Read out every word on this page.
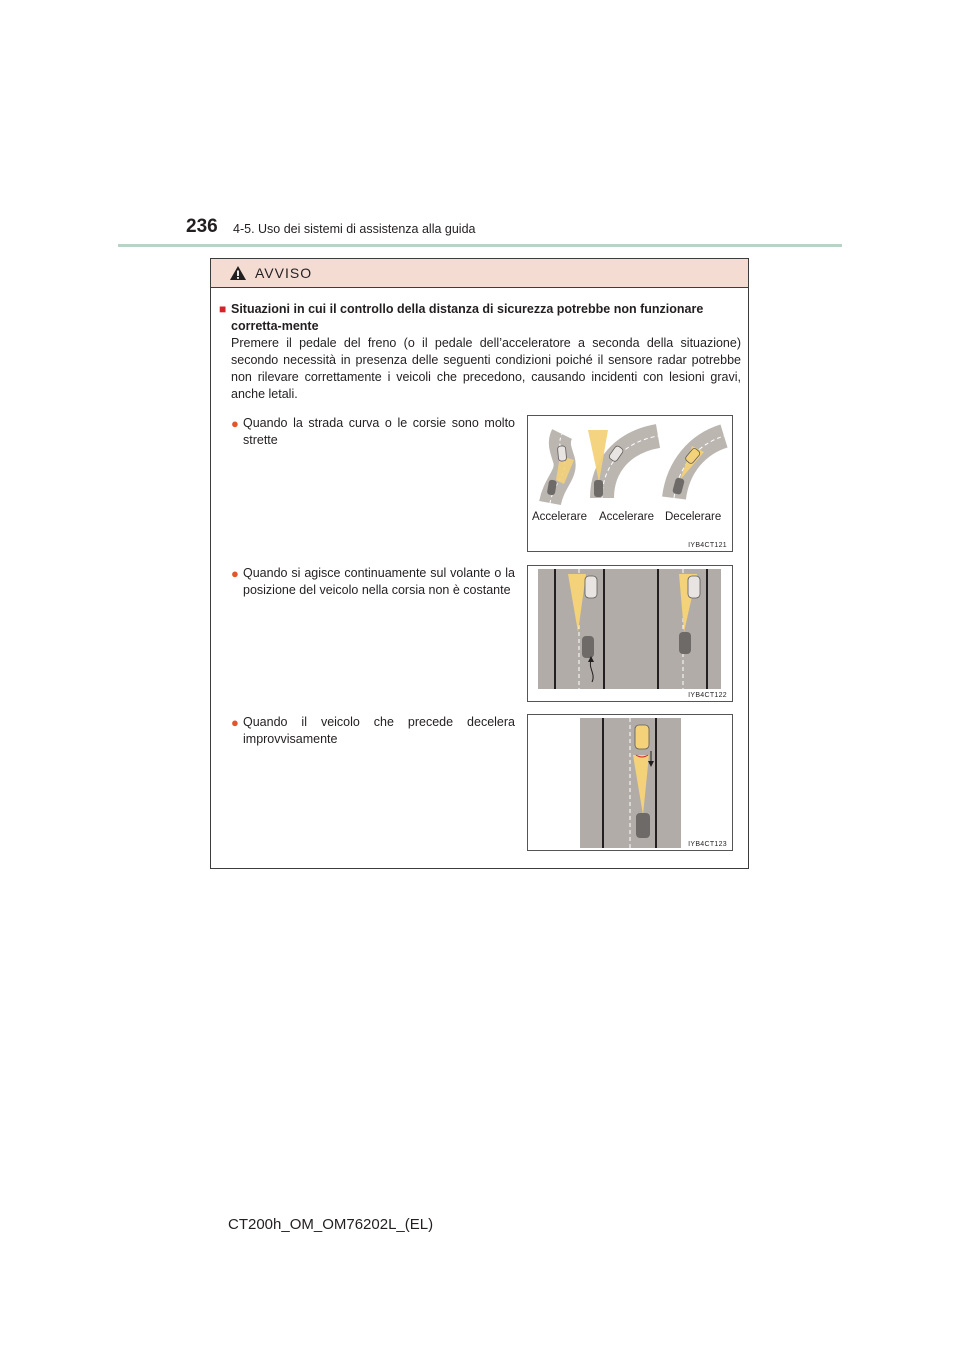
236 4-5. Uso dei sistemi di assistenza alla guida
AVVISO
■ Situazioni in cui il controllo della distanza di sicurezza potrebbe non funzionare corretta-mente
Premere il pedale del freno (o il pedale dell’acceleratore a seconda della situazione) secondo necessità in presenza delle seguenti condizioni poiché il sensore radar potrebbe non rilevare correttamente i veicoli che precedono, causando incidenti con lesioni gravi, anche letali.
● Quando la strada curva o le corsie sono molto strette
Accelerare Accelerare Decelerare
IYB4CT121
● Quando si agisce continuamente sul volante o la posizione del veicolo nella corsia non è costante
IYB4CT122
● Quando il veicolo che precede decelera improvvisamente
IYB4CT123
CT200h_OM_OM76202L_(EL)
